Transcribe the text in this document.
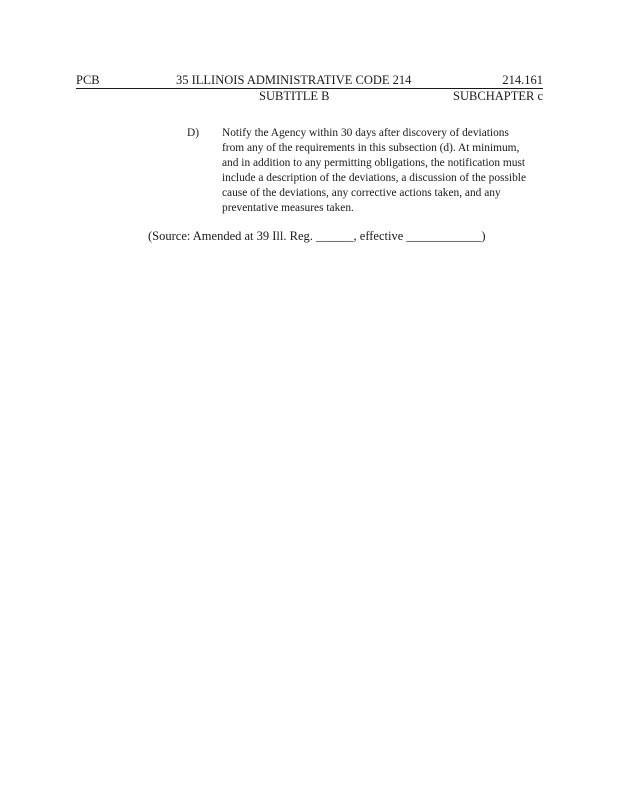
PCB	35 ILLINOIS ADMINISTRATIVE CODE 214	214.161
SUBTITLE B	SUBCHAPTER c
D) Notify the Agency within 30 days after discovery of deviations
from any of the requirements in this subsection (d). At minimum,
and in addition to any permitting obligations, the notification must
include a description of the deviations, a discussion of the possible
cause of the deviations, any corrective actions taken, and any
preventative measures taken.
(Source: Amended at 39 Ill. Reg. ______, effective ____________)
